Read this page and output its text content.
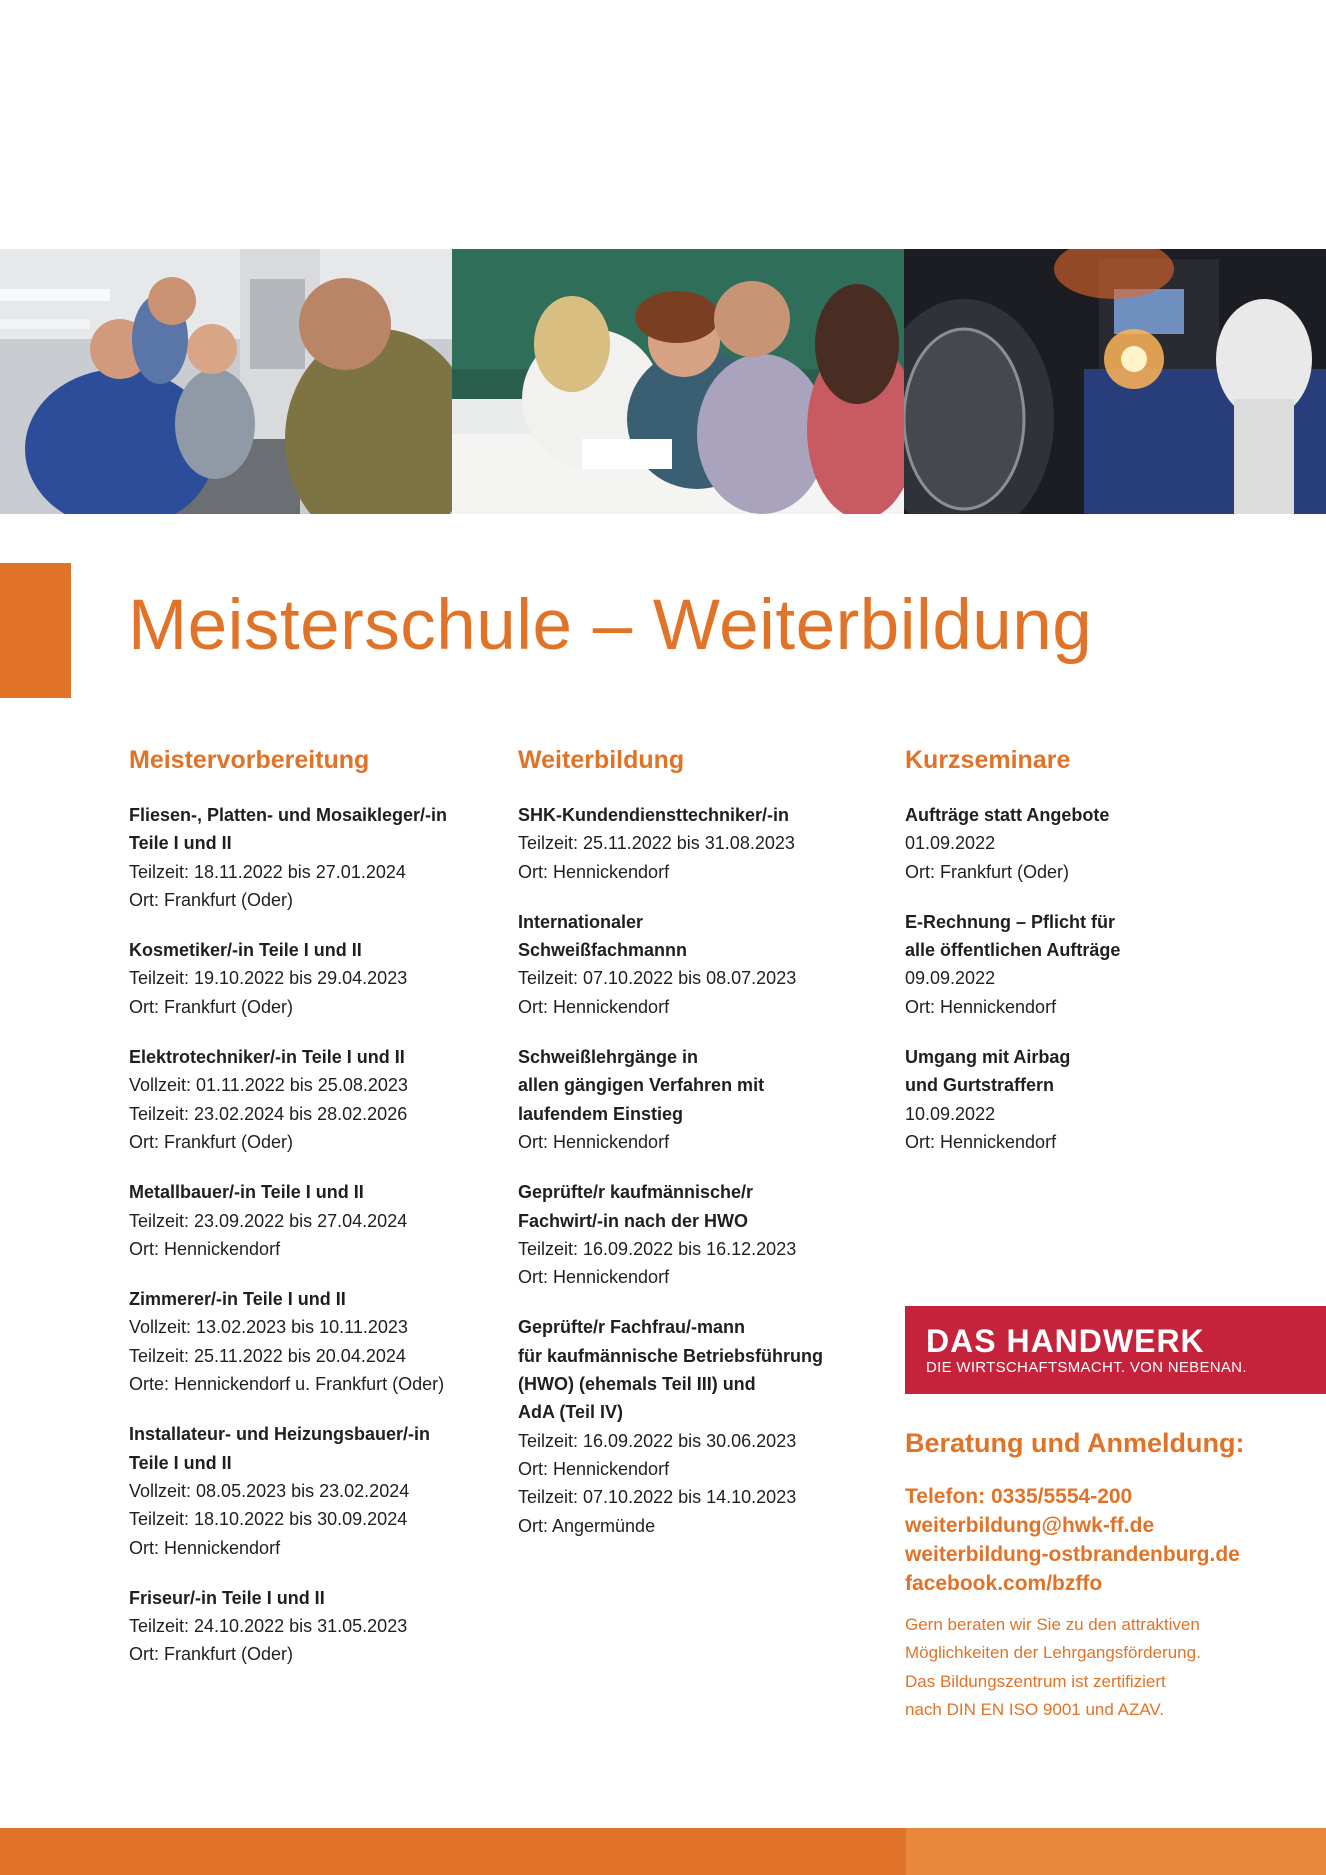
Meisterschule – Weiterbildung
Meistervorbereitung
Fliesen-, Platten- und Mosaikleger/-in
Teile I und II
Teilzeit: 18.11.2022 bis 27.01.2024
Ort: Frankfurt (Oder)
Kosmetiker/-in Teile I und II
Teilzeit: 19.10.2022 bis 29.04.2023
Ort: Frankfurt (Oder)
Elektrotechniker/-in Teile I und II
Vollzeit: 01.11.2022 bis 25.08.2023
Teilzeit: 23.02.2024 bis 28.02.2026
Ort: Frankfurt (Oder)
Metallbauer/-in Teile I und II
Teilzeit: 23.09.2022 bis 27.04.2024
Ort: Hennickendorf
Zimmerer/-in Teile I und II
Vollzeit: 13.02.2023 bis 10.11.2023
Teilzeit: 25.11.2022 bis 20.04.2024
Orte: Hennickendorf u. Frankfurt (Oder)
Installateur- und Heizungsbauer/-in
Teile I und II
Vollzeit: 08.05.2023 bis 23.02.2024
Teilzeit: 18.10.2022 bis 30.09.2024
Ort: Hennickendorf
Friseur/-in Teile I und II
Teilzeit: 24.10.2022 bis 31.05.2023
Ort: Frankfurt (Oder)
Weiterbildung
SHK-Kundendiensttechniker/-in
Teilzeit: 25.11.2022 bis 31.08.2023
Ort: Hennickendorf
Internationaler
Schweißfachmannn
Teilzeit: 07.10.2022 bis 08.07.2023
Ort: Hennickendorf
Schweißlehrgänge in
allen gängigen Verfahren mit
laufendem Einstieg
Ort: Hennickendorf
Geprüfte/r kaufmännische/r
Fachwirt/-in nach der HWO
Teilzeit: 16.09.2022 bis 16.12.2023
Ort: Hennickendorf
Geprüfte/r Fachfrau/-mann
für kaufmännische Betriebsführung
(HWO) (ehemals Teil III) und
AdA (Teil IV)
Teilzeit: 16.09.2022 bis 30.06.2023
Ort: Hennickendorf
Teilzeit: 07.10.2022 bis 14.10.2023
Ort: Angermünde
Kurzseminare
Aufträge statt Angebote
01.09.2022
Ort: Frankfurt (Oder)
E-Rechnung – Pflicht für
alle öffentlichen Aufträge
09.09.2022
Ort: Hennickendorf
Umgang mit Airbag
und Gurtstraffern
10.09.2022
Ort: Hennickendorf
DAS HANDWERK
DIE WIRTSCHAFTSMACHT. VON NEBENAN.
Beratung und Anmeldung:
Telefon: 0335/5554-200
weiterbildung@hwk-ff.de
weiterbildung-ostbrandenburg.de
facebook.com/bzffo
Gern beraten wir Sie zu den attraktiven
Möglichkeiten der Lehrgangsförderung.
Das Bildungszentrum ist zertifiziert
nach DIN EN ISO 9001 und AZAV.
